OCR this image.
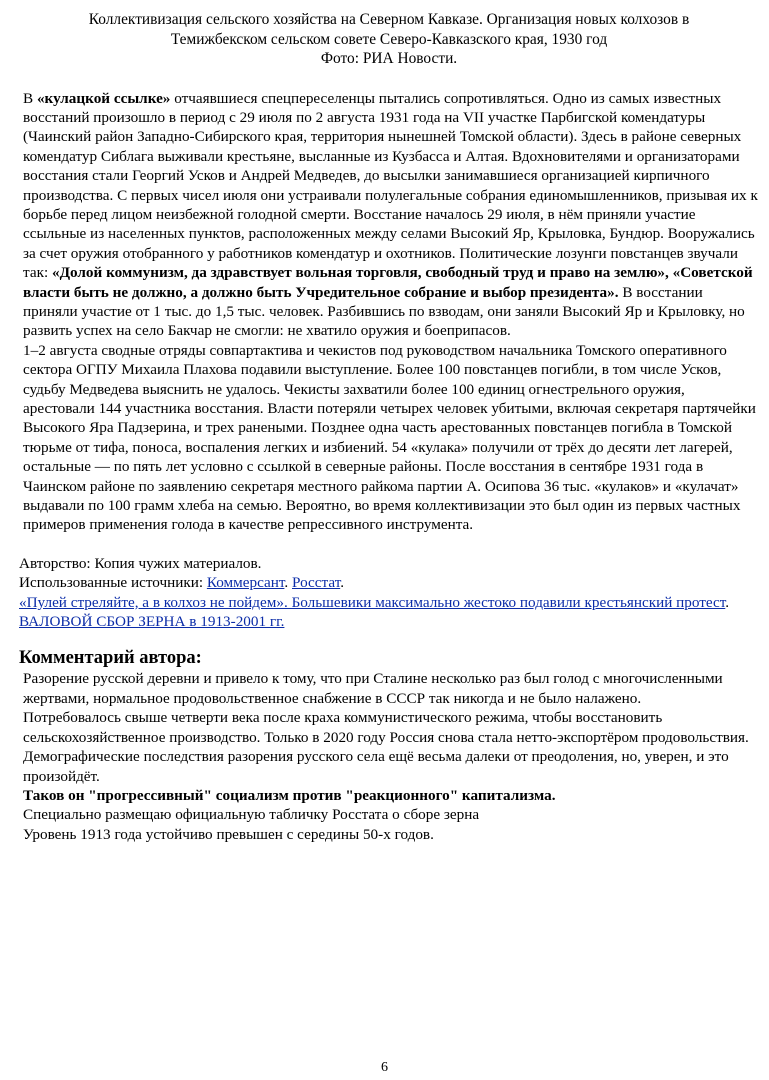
Коллективизация сельского хозяйства на Северном Кавказе. Организация новых колхозов в
Темижбекском сельском совете Северо-Кавказского края, 1930 год
Фото: РИА Новости.

В «кулацкой ссылке» отчаявшиеся спецпереселенцы пытались сопротивляться. Одно из самых известных восстаний произошло в период с 29 июля по 2 августа 1931 года на VII участке Парбигской комендатуры (Чаинский район Западно-Сибирского края, территория нынешней Томской области). Здесь в районе северных комендатур Сиблага выживали крестьяне, высланные из Кузбасса и Алтая. Вдохновителями и организаторами восстания стали Георгий Усков и Андрей Медведев, до высылки занимавшиеся организацией кирпичного производства. С первых чисел июля они устраивали полулегальные собрания единомышленников, призывая их к борьбе перед лицом неизбежной голодной смерти. Восстание началось 29 июля, в нём приняли участие ссыльные из населенных пунктов, расположенных между селами Высокий Яр, Крыловка, Бундюр. Вооружались за счет оружия отобранного у работников комендатур и охотников. Политические лозунги повстанцев звучали так: «Долой коммунизм, да здравствует вольная торговля, свободный труд и право на землю», «Советской власти быть не должно, а должно быть Учредительное собрание и выбор президента». В восстании приняли участие от 1 тыс. до 1,5 тыс. человек. Разбившись по взводам, они заняли Высокий Яр и Крыловку, но развить успех на село Бакчар не смогли: не хватило оружия и боеприпасов.

1–2 августа сводные отряды совпартактива и чекистов под руководством начальника Томского оперативного сектора ОГПУ Михаила Плахова подавили выступление. Более 100 повстанцев погибли, в том числе Усков, судьбу Медведева выяснить не удалось. Чекисты захватили более 100 единиц огнестрельного оружия, арестовали 144 участника восстания. Власти потеряли четырех человек убитыми, включая секретаря партячейки Высокого Яра Падзерина, и трех ранеными. Позднее одна часть арестованных повстанцев погибла в Томской тюрьме от тифа, поноса, воспаления легких и избиений. 54 «кулака» получили от трёх до десяти лет лагерей, остальные — по пять лет условно с ссылкой в северные районы. После восстания в сентябре 1931 года в Чаинском районе по заявлению секретаря местного райкома партии А. Осипова 36 тыс. «кулаков» и «кулачат» выдавали по 100 грамм хлеба на семью. Вероятно, во время коллективизации это был один из первых частных примеров применения голода в качестве репрессивного инструмента.

Авторство: Копия чужих материалов.

Использованные источники: Коммерсант. Росстат.

«Пулей стреляйте, а в колхоз не пойдем». Большевики максимально жестоко подавили крестьянский протест. ВАЛОВОЙ СБОР ЗЕРНА в 1913-2001 гг.

Комментарий автора:

Разорение русской деревни и привело к тому, что при Сталине несколько раз был голод с многочисленными жертвами, нормальное продовольственное снабжение в СССР так никогда и не было налажено.

Потребовалось свыше четверти века после краха коммунистического режима, чтобы восстановить сельскохозяйственное производство. Только в 2020 году Россия снова стала нетто-экспортёром продовольствия.

Демографические последствия разорения русского села ещё весьма далеки от преодоления, но, уверен, и это произойдёт.

Таков он "прогрессивный" социализм против "реакционного" капитализма.

Специально размещаю официальную табличку Росстата о сборе зерна

Уровень 1913 года устойчиво превышен с середины 50-х годов.

6
